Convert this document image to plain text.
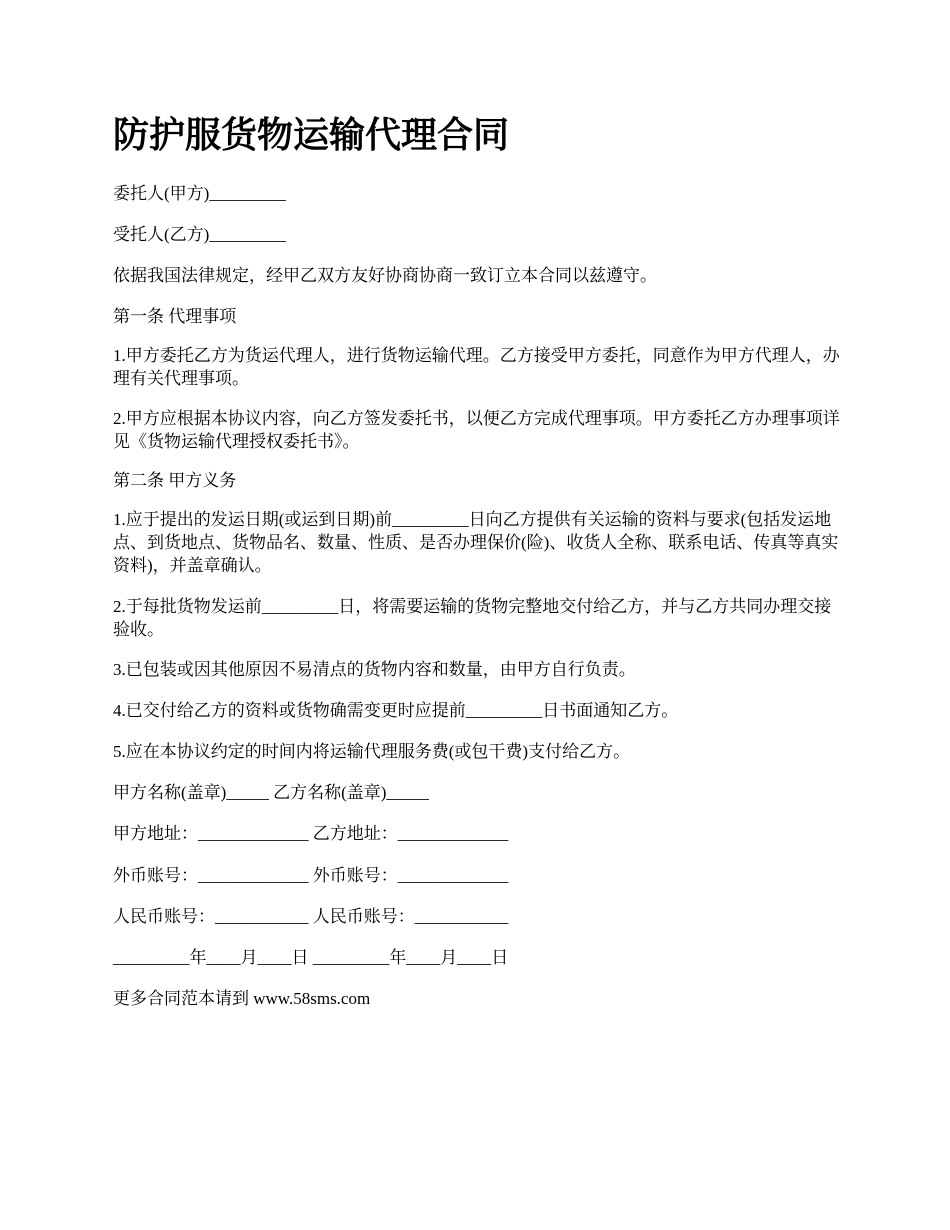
防护服货物运输代理合同

委托人(甲方)_________

受托人(乙方)_________

依据我国法律规定，经甲乙双方友好协商协商一致订立本合同以兹遵守。

第一条 代理事项

1.甲方委托乙方为货运代理人，进行货物运输代理。乙方接受甲方委托，同意作为甲方代理人，办理有关代理事项。

2.甲方应根据本协议内容，向乙方签发委托书，以便乙方完成代理事项。甲方委托乙方办理事项详见《货物运输代理授权委托书》。

第二条 甲方义务

1.应于提出的发运日期(或运到日期)前_________日向乙方提供有关运输的资料与要求(包括发运地点、到货地点、货物品名、数量、性质、是否办理保价(险)、收货人全称、联系电话、传真等真实资料)，并盖章确认。

2.于每批货物发运前_________日，将需要运输的货物完整地交付给乙方，并与乙方共同办理交接验收。

3.已包装或因其他原因不易清点的货物内容和数量，由甲方自行负责。

4.已交付给乙方的资料或货物确需变更时应提前_________日书面通知乙方。

5.应在本协议约定的时间内将运输代理服务费(或包干费)支付给乙方。

甲方名称(盖章)_____ 乙方名称(盖章)_____

甲方地址：_____________ 乙方地址：_____________

外币账号：_____________ 外币账号：_____________

人民币账号：___________ 人民币账号：___________

_________年____月____日 _________年____月____日

更多合同范本请到 www.58sms.com
